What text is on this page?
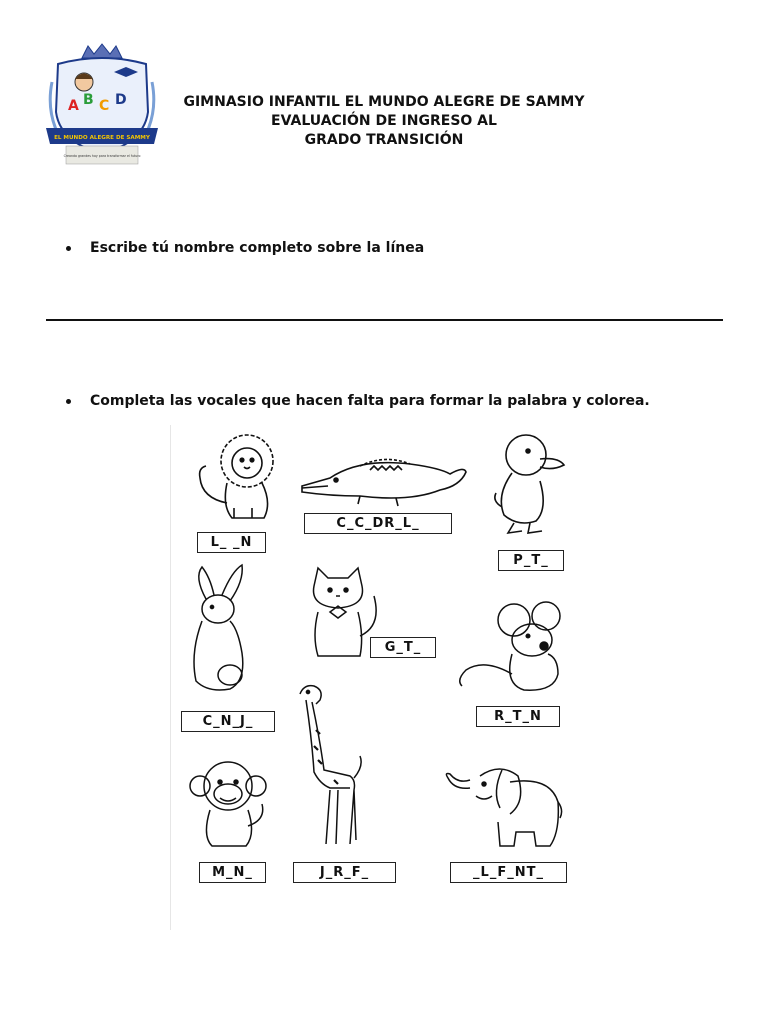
A B C D
EL MUNDO ALEGRE DE SAMMY
Creando grandes hoy para transformar el futuro
GIMNASIO INFANTIL EL MUNDO ALEGRE DE SAMMY
EVALUACIÓN DE INGRESO AL
GRADO TRANSICIÓN
Escribe tú nombre completo sobre la línea
Completa las vocales que hacen falta para formar la palabra y colorea.
L_ _N
C_C_DR_L_
P_T_
C_N_J_
G_T_
R_T_N
J_R_F_
M_N_	_L_F_NT_
